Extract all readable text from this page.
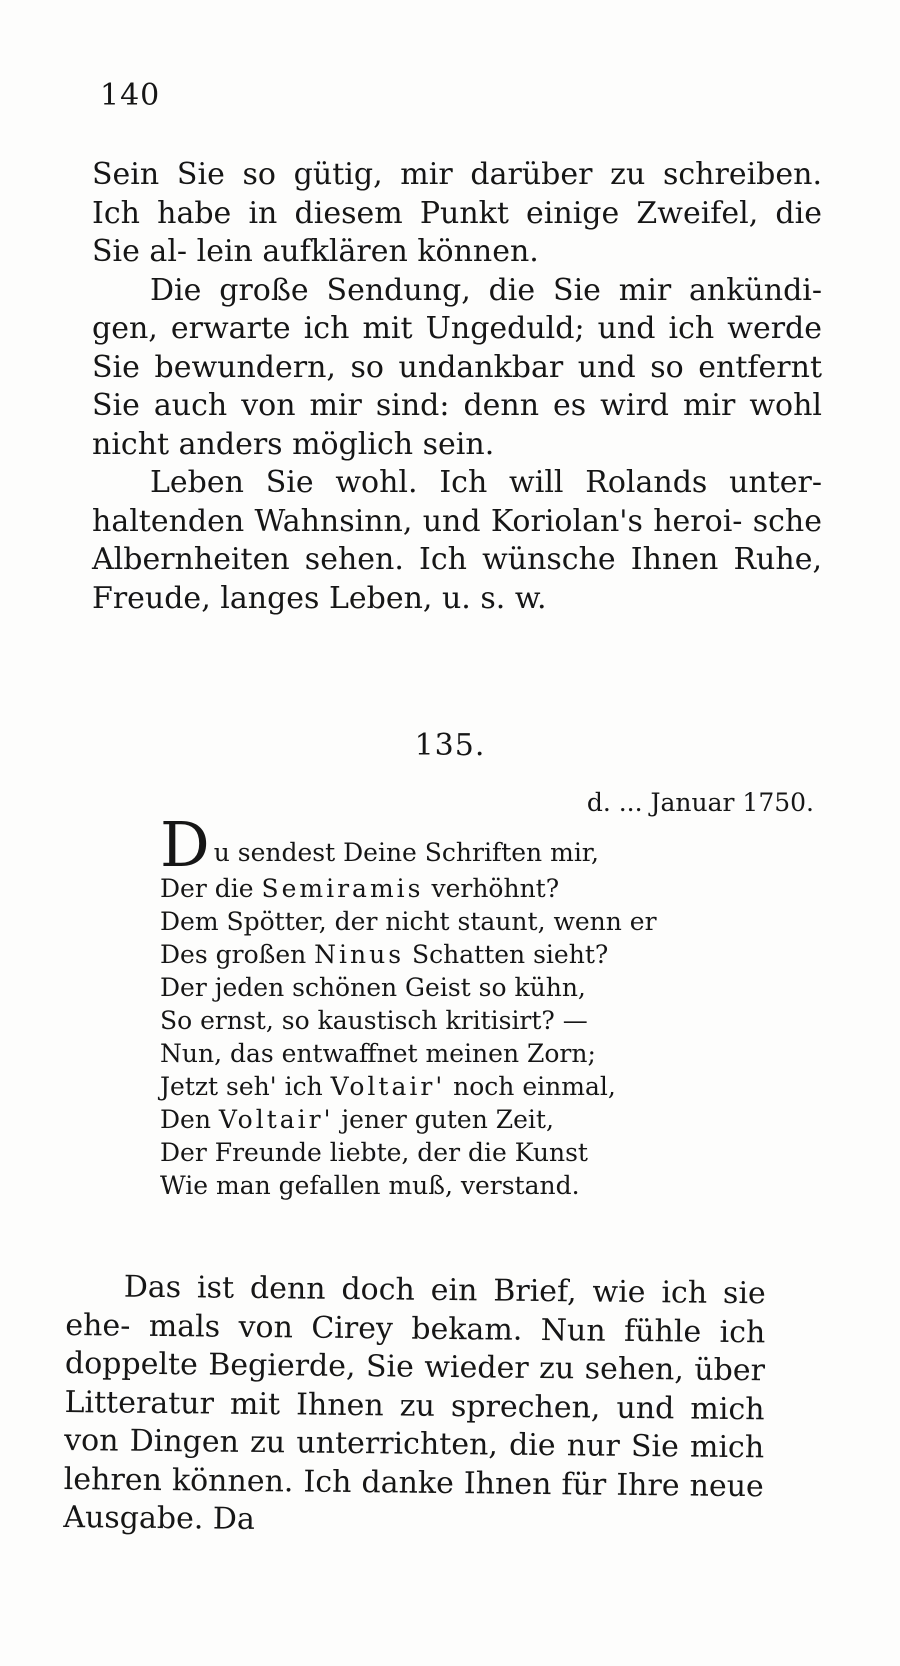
140

Sein Sie so gütig, mir darüber zu schreiben. Ich habe in diesem Punkt einige Zweifel, die Sie al- lein aufklären können.

Die große Sendung, die Sie mir ankündi- gen, erwarte ich mit Ungeduld; und ich werde Sie bewundern, so undankbar und so entfernt Sie auch von mir sind: denn es wird mir wohl nicht anders möglich sein.

Leben Sie wohl. Ich will Rolands unter- haltenden Wahnsinn, und Koriolan's heroi- sche Albernheiten sehen. Ich wünsche Ihnen Ruhe, Freude, langes Leben, u. s. w.

135.
d. ... Januar 1750.
D u sendest Deine Schriften mir,
Der die Semiramis verhöhnt?
Dem Spötter, der nicht staunt, wenn er
Des großen Ninus Schatten sieht?
Der jeden schönen Geist so kühn,
So ernst, so kaustisch kritisirt? —
Nun, das entwaffnet meinen Zorn;
Jetzt seh' ich Voltair' noch einmal,
Den Voltair' jener guten Zeit,
Der Freunde liebte, der die Kunst
Wie man gefallen muß, verstand.

Das ist denn doch ein Brief, wie ich sie ehe- mals von Cirey bekam. Nun fühle ich doppelte Begierde, Sie wieder zu sehen, über Litteratur mit Ihnen zu sprechen, und mich von Dingen zu unterrichten, die nur Sie mich lehren können. Ich danke Ihnen für Ihre neue Ausgabe. Da
